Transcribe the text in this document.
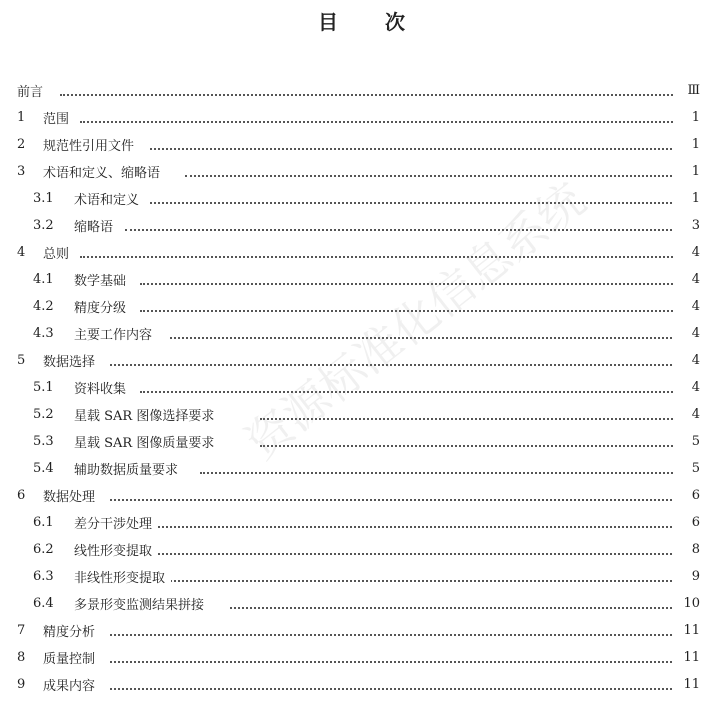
目 次
前言	Ⅲ
1 范围	1
2 规范性引用文件	1
3 术语和定义、缩略语	1
3.1 术语和定义	1
3.2 缩略语	3
4 总则	4
4.1 数学基础	4
4.2 精度分级	4
4.3 主要工作内容	4
5 数据选择	4
5.1 资料收集	4
5.2 星载 SAR 图像选择要求	4
5.3 星载 SAR 图像质量要求	5
5.4 辅助数据质量要求	5
6 数据处理	6
6.1 差分干涉处理	6
6.2 线性形变提取	8
6.3 非线性形变提取	9
6.4 多景形变监测结果拼接	10
7 精度分析	11
8 质量控制	11
9 成果内容	11
资源标准化信息系统
